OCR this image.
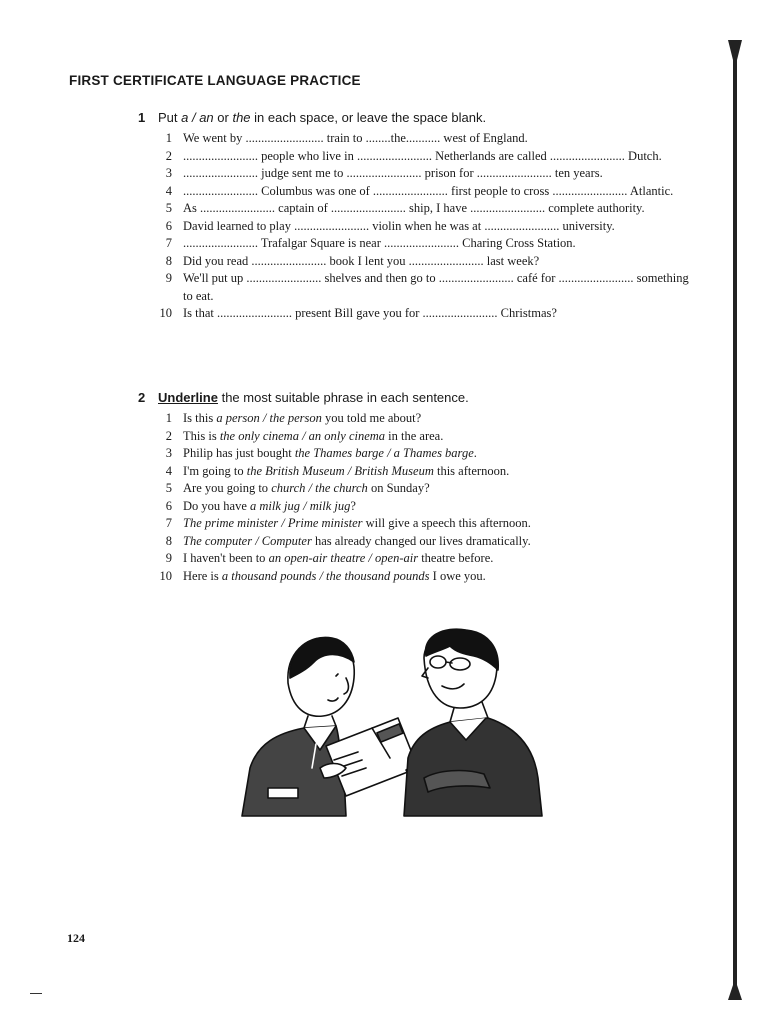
FIRST CERTIFICATE LANGUAGE PRACTICE
1 Put a / an or the in each space, or leave the space blank.
1 We went by ......................... train to ........the........... west of England.
2 ........................ people who live in ........................ Netherlands are called ........................ Dutch.
3 ........................ judge sent me to ........................ prison for ........................ ten years.
4 ........................ Columbus was one of ........................ first people to cross ........................ Atlantic.
5 As ........................ captain of ........................ ship, I have ........................ complete authority.
6 David learned to play ........................ violin when he was at ........................ university.
7 ........................ Trafalgar Square is near ........................ Charing Cross Station.
8 Did you read ........................ book I lent you ........................ last week?
9 We'll put up ........................ shelves and then go to ........................ café for ........................ something to eat.
10 Is that ........................ present Bill gave you for ........................ Christmas?
2 Underline the most suitable phrase in each sentence.
1 Is this a person / the person you told me about?
2 This is the only cinema / an only cinema in the area.
3 Philip has just bought the Thames barge / a Thames barge.
4 I'm going to the British Museum / British Museum this afternoon.
5 Are you going to church / the church on Sunday?
6 Do you have a milk jug / milk jug?
7 The prime minister / Prime minister will give a speech this afternoon.
8 The computer / Computer has already changed our lives dramatically.
9 I haven't been to an open-air theatre / open-air theatre before.
10 Here is a thousand pounds / the thousand pounds I owe you.
124
